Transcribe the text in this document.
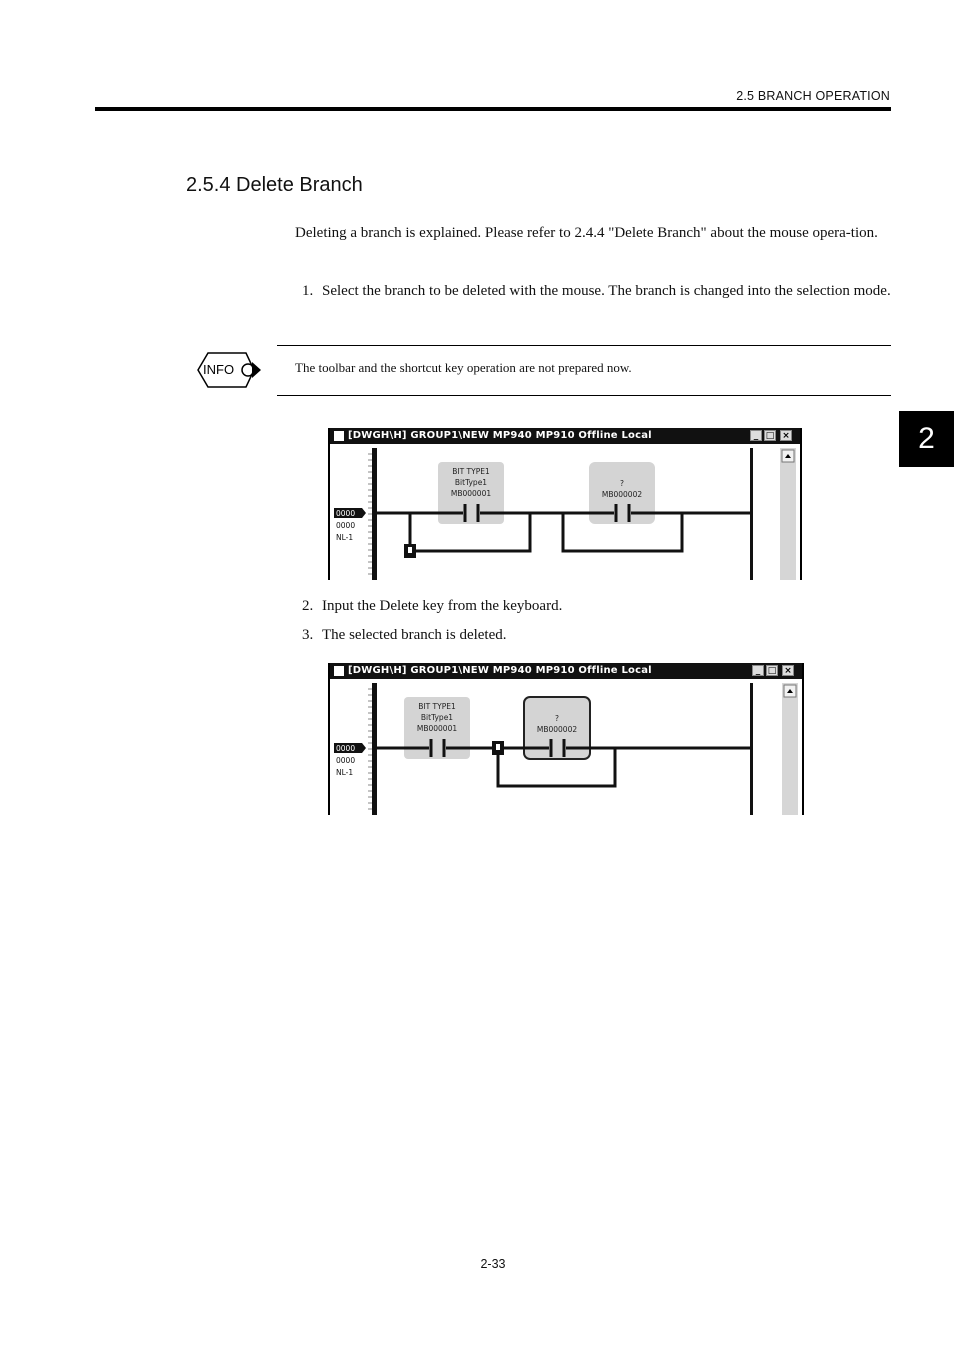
2.5 BRANCH OPERATION
2.5.4 Delete Branch
Deleting a branch is explained. Please refer to 2.4.4 "Delete Branch" about the mouse opera-tion.
1. Select the branch to be deleted with the mouse. The branch is changed into the selection mode.
INFO	The toolbar and the shortcut key operation are not prepared now.
2
[DWGH\H] GROUP1\NEW MP940 MP910 Offline Local	_ □ ×
0000
0000
NL-1
BIT TYPE1
BitType1
MB000001
?
MB000002
2. Input the Delete key from the keyboard.
3. The selected branch is deleted.
[DWGH\H] GROUP1\NEW MP940 MP910 Offline Local	_ □ ×
0000
0000
NL-1
BIT TYPE1
BitType1
MB000001
?
MB000002
2-33
